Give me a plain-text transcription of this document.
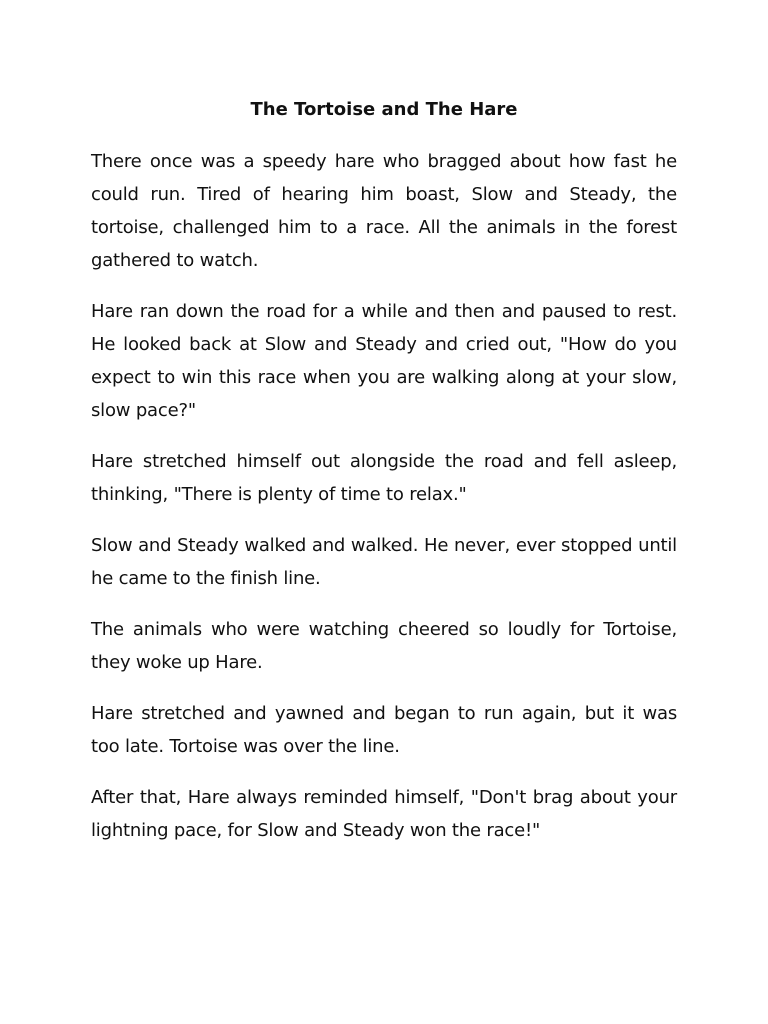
The Tortoise and The Hare

There once was a speedy hare who bragged about how fast he could run. Tired of hearing him boast, Slow and Steady, the tortoise, challenged him to a race. All the animals in the forest gathered to watch.

Hare ran down the road for a while and then and paused to rest. He looked back at Slow and Steady and cried out, "How do you expect to win this race when you are walking along at your slow, slow pace?"

Hare stretched himself out alongside the road and fell asleep, thinking, "There is plenty of time to relax."

Slow and Steady walked and walked. He never, ever stopped until he came to the finish line.

The animals who were watching cheered so loudly for Tortoise, they woke up Hare.

Hare stretched and yawned and began to run again, but it was too late. Tortoise was over the line.

After that, Hare always reminded himself, "Don't brag about your lightning pace, for Slow and Steady won the race!"
